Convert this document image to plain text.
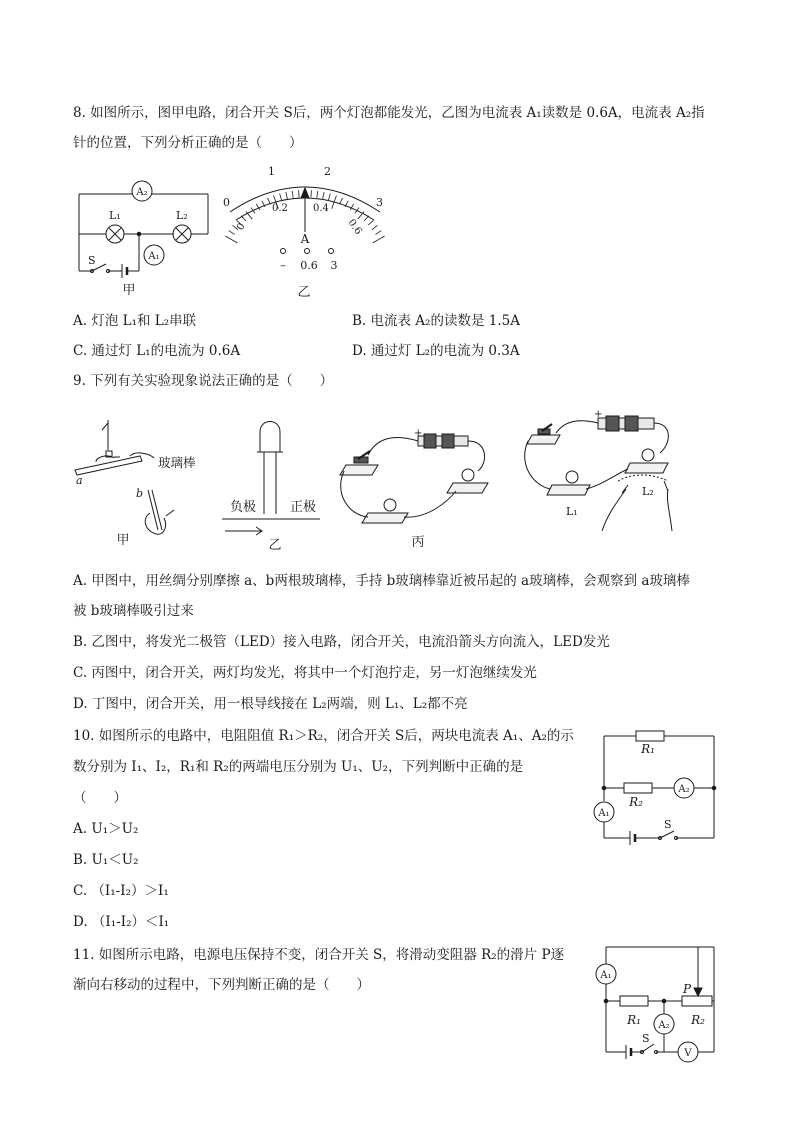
8. 如图所示，图甲电路，闭合开关 S后，两个灯泡都能发光，乙图为电流表 A₁读数是 0.6A，电流表 A₂指
针的位置，下列分析正确的是（　　）
A₂
L₁	L₂
A₁
S
甲
0
1	2
3
0
0.2	0.4
0.6
A
– 0.6 3
乙
A. 灯泡 L₁和 L₂串联	B. 电流表 A₂的读数是 1.5A
C. 通过灯 L₁的电流为 0.6A	D. 通过灯 L₂的电流为 0.3A
9. 下列有关实验现象说法正确的是（　　）
a
b
玻璃棒
甲
负极	正极
乙
+
丙
+
L₁
L₂
A. 甲图中，用丝绸分别摩擦 a、b两根玻璃棒，手持 b玻璃棒靠近被吊起的 a玻璃棒，会观察到 a玻璃棒
被 b玻璃棒吸引过来
B. 乙图中，将发光二极管（LED）接入电路，闭合开关，电流沿箭头方向流入，LED发光
C. 丙图中，闭合开关，两灯均发光，将其中一个灯泡拧走，另一灯泡继续发光
D. 丁图中，闭合开关，用一根导线接在 L₂两端，则 L₁、L₂都不亮
10. 如图所示的电路中，电阻阻值 R₁＞R₂，闭合开关 S后，两块电流表 A₁、A₂的示
数分别为 I₁、I₂，R₁和 R₂的两端电压分别为 U₁、U₂，下列判断中正确的是
（　　）
A. U₁＞U₂
B. U₁＜U₂
C. （I₁-I₂）＞I₁
D. （I₁-I₂）＜I₁
R₁
A₂
R₂
A₁
S
11. 如图所示电路，电源电压保持不变，闭合开关 S，将滑动变阻器 R₂的滑片 P逐
渐向右移动的过程中，下列判断正确的是（　　）
A₁
P
R₁	R₂
A₂
S
V
